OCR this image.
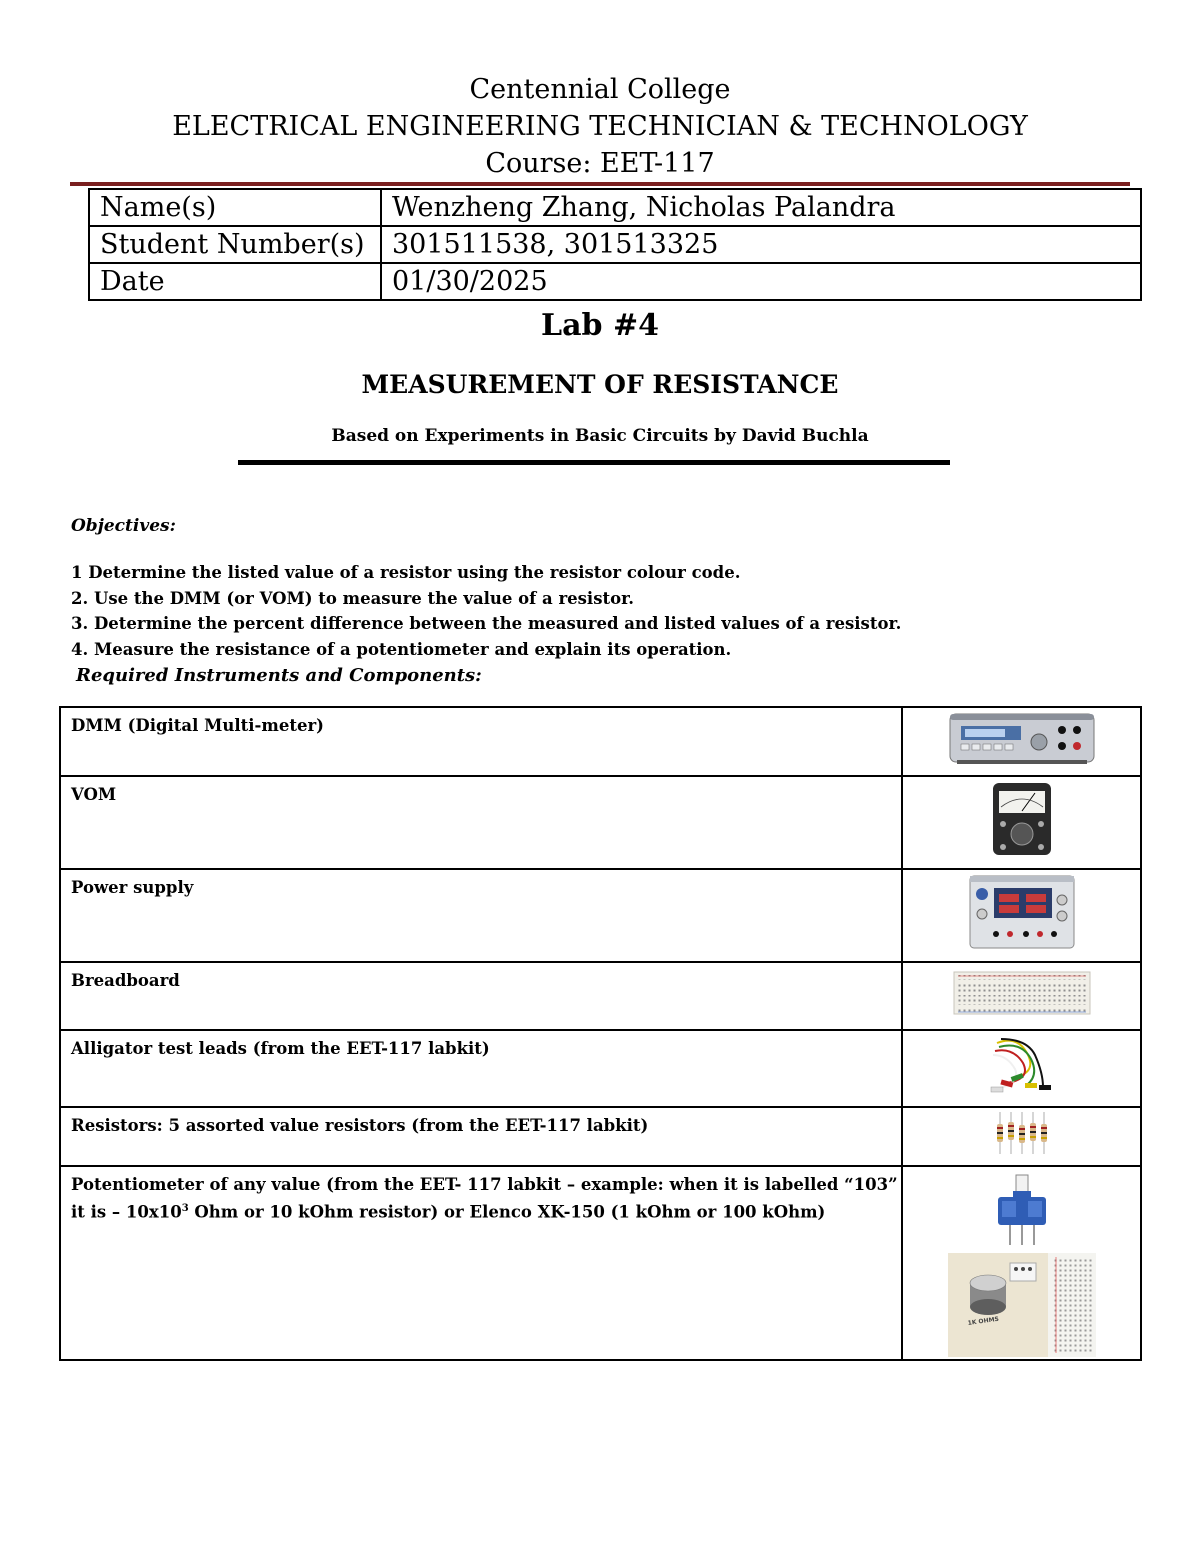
Centennial College
ELECTRICAL ENGINEERING TECHNICIAN & TECHNOLOGY
Course: EET-117
Name(s)	Wenzheng Zhang, Nicholas Palandra
Student Number(s)	301511538, 301513325
Date	01/30/2025
Lab #4
MEASUREMENT OF RESISTANCE
Based on Experiments in Basic Circuits by David Buchla
Objectives:
1 Determine the listed value of a resistor using the resistor colour code.
2. Use the DMM (or VOM) to measure the value of a resistor.
3. Determine the percent difference between the measured and listed values of a resistor.
4. Measure the resistance of a potentiometer and explain its operation.
Required Instruments and Components:
DMM (Digital Multi-meter)	
VOM	
Power supply	
Breadboard	
Alligator test leads (from the EET-117 labkit)	
Resistors: 5 assorted value resistors (from the EET-117 labkit)	

Potentiometer of any value (from the EET- 117 labkit – example: when it is labelled “103”
it is – $10x10^3$ Ohm or 10 kOhm resistor) or Elenco XK-150 (1 kOhm or 100 kOhm)	1K OHMS
